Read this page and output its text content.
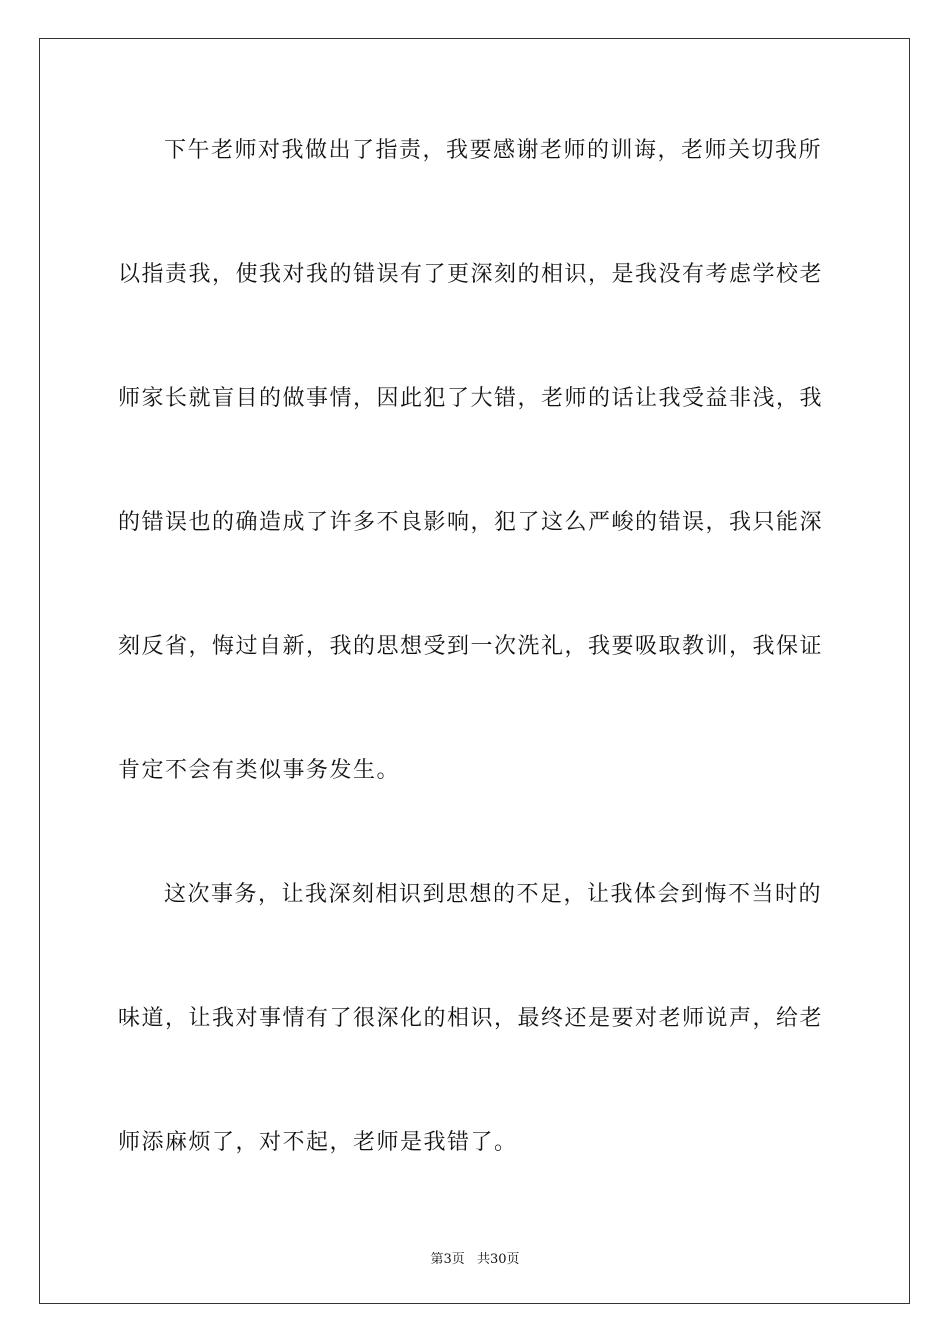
下午老师对我做出了指责，我要感谢老师的训诲，老师关切我所
以指责我，使我对我的错误有了更深刻的相识，是我没有考虑学校老
师家长就盲目的做事情，因此犯了大错，老师的话让我受益非浅，我
的错误也的确造成了许多不良影响，犯了这么严峻的错误，我只能深
刻反省，悔过自新，我的思想受到一次洗礼，我要吸取教训，我保证
肯定不会有类似事务发生。
这次事务，让我深刻相识到思想的不足，让我体会到悔不当时的
味道，让我对事情有了很深化的相识，最终还是要对老师说声，给老
师添麻烦了，对不起，老师是我错了。
第3页 共30页
